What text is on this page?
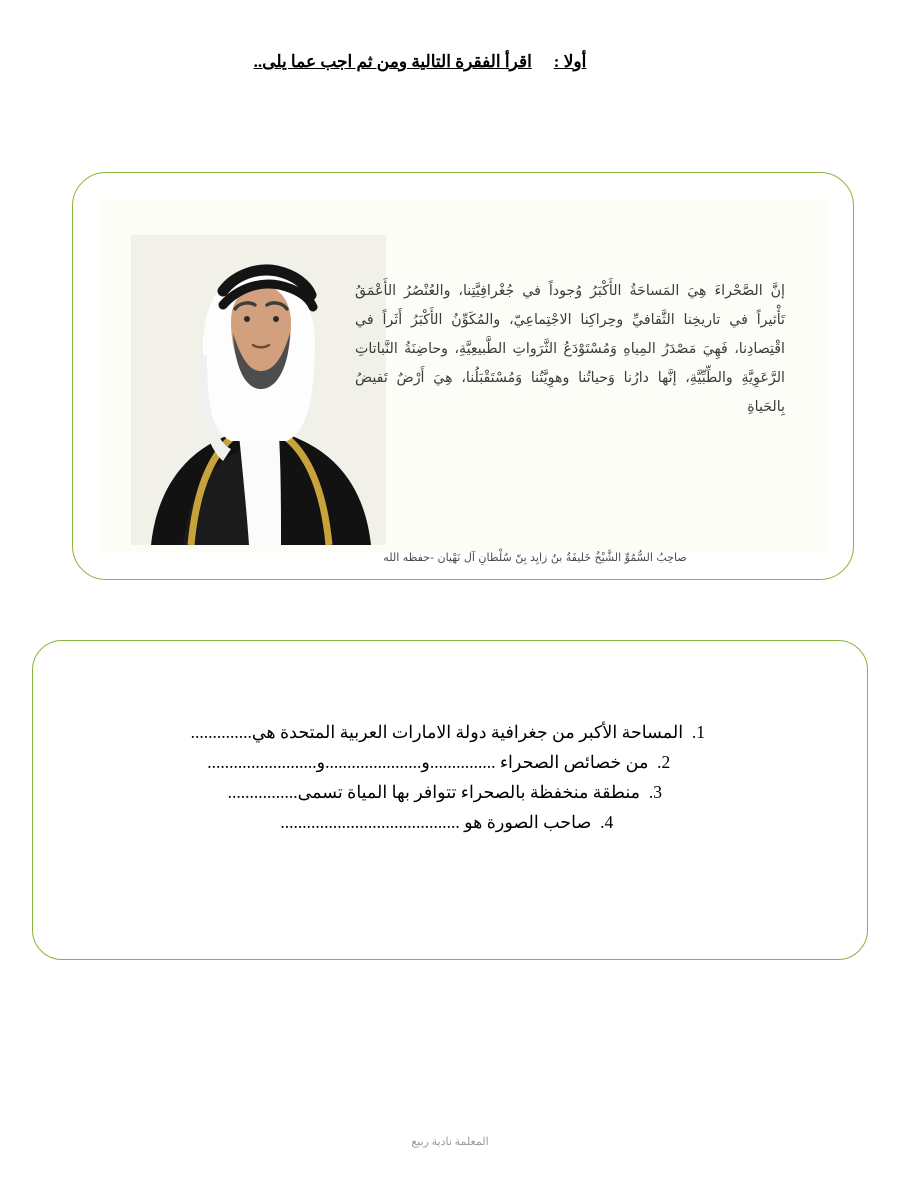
أولا :اقرأ الفقرة التالية ومن ثم اجب عما يلى..
إنَّ الصَّحْراءَ هِيَ المَساحَةُ الأَكْبَرُ وُجوداً في جُغْرافِيَّتِنا، والعُنْصُرُ الأَعْمَقُ تَأْثيراً في تاريخِنا الثَّقافيِّ وحِراكِنا الاجْتِماعِيّ، والمُكَوِّنُ الأَكْبَرُ أَثَراً في اقْتِصادِنا، فَهِيَ مَصْدَرُ المِياهِ وَمُسْتَوْدَعُ الثَّرَواتِ الطَّبيعِيَّةِ، وحاضِنَةُ النَّباتاتِ الرَّعَوِيَّةِ والطِّبِّيَّةِ، إنَّها دارُنا وَحياتُنا وهوِيَّتُنا وَمُسْتَقْبَلُنا، هِيَ أَرْضٌ تَفيضُ بِالحَياةِ
صاحِبُ السُّمُوِّ الشَّيْخُ خَليفَةُ بنُ زايِد بِنّ سُلْطانِ آل نَهْيان -حفظه الله
1. المساحة الأكبر من جغرافية دولة الامارات العربية المتحدة هي..............
2. من خصائص الصحراء ...............و......................و.........................
3. منطقة منخفظة بالصحراء تتوافر بها المياة تسمى................
4. صاحب الصورة هو .........................................
المعلمة نادية ربيع
